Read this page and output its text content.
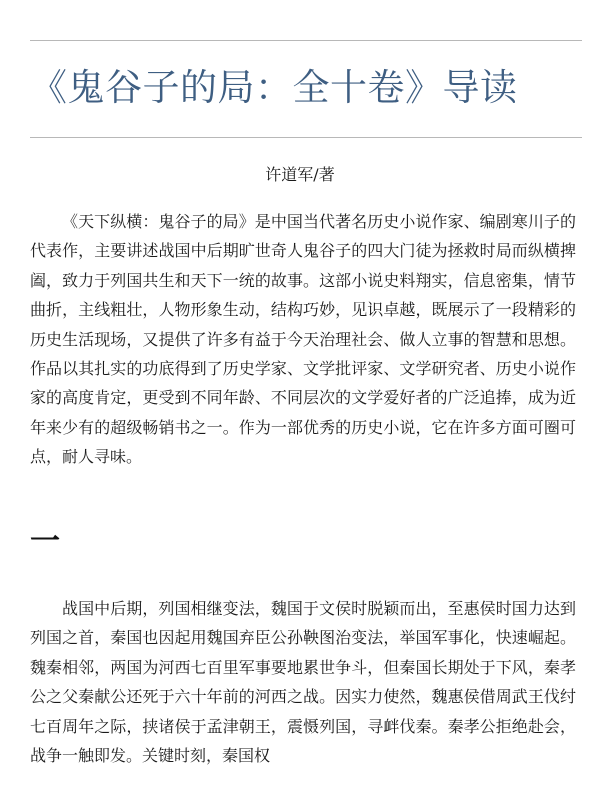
《鬼谷子的局：全十卷》导读

许道军/著

《天下纵横：鬼谷子的局》是中国当代著名历史小说作家、编剧寒川子的代表作，主要讲述战国中后期旷世奇人鬼谷子的四大门徒为拯救时局而纵横捭阖，致力于列国共生和天下一统的故事。这部小说史料翔实，信息密集，情节曲折，主线粗壮，人物形象生动，结构巧妙，见识卓越，既展示了一段精彩的历史生活现场，又提供了许多有益于今天治理社会、做人立事的智慧和思想。作品以其扎实的功底得到了历史学家、文学批评家、文学研究者、历史小说作家的高度肯定，更受到不同年龄、不同层次的文学爱好者的广泛追捧，成为近年来少有的超级畅销书之一。作为一部优秀的历史小说，它在许多方面可圈可点，耐人寻味。

一

战国中后期，列国相继变法，魏国于文侯时脱颖而出，至惠侯时国力达到列国之首，秦国也因起用魏国弃臣公孙鞅图治变法，举国军事化，快速崛起。魏秦相邻，两国为河西七百里军事要地累世争斗，但秦国长期处于下风，秦孝公之父秦献公还死于六十年前的河西之战。因实力使然，魏惠侯借周武王伐纣七百周年之际，挟诸侯于孟津朝王，震慑列国，寻衅伐秦。秦孝公拒绝赴会，战争一触即发。关键时刻，秦国权
